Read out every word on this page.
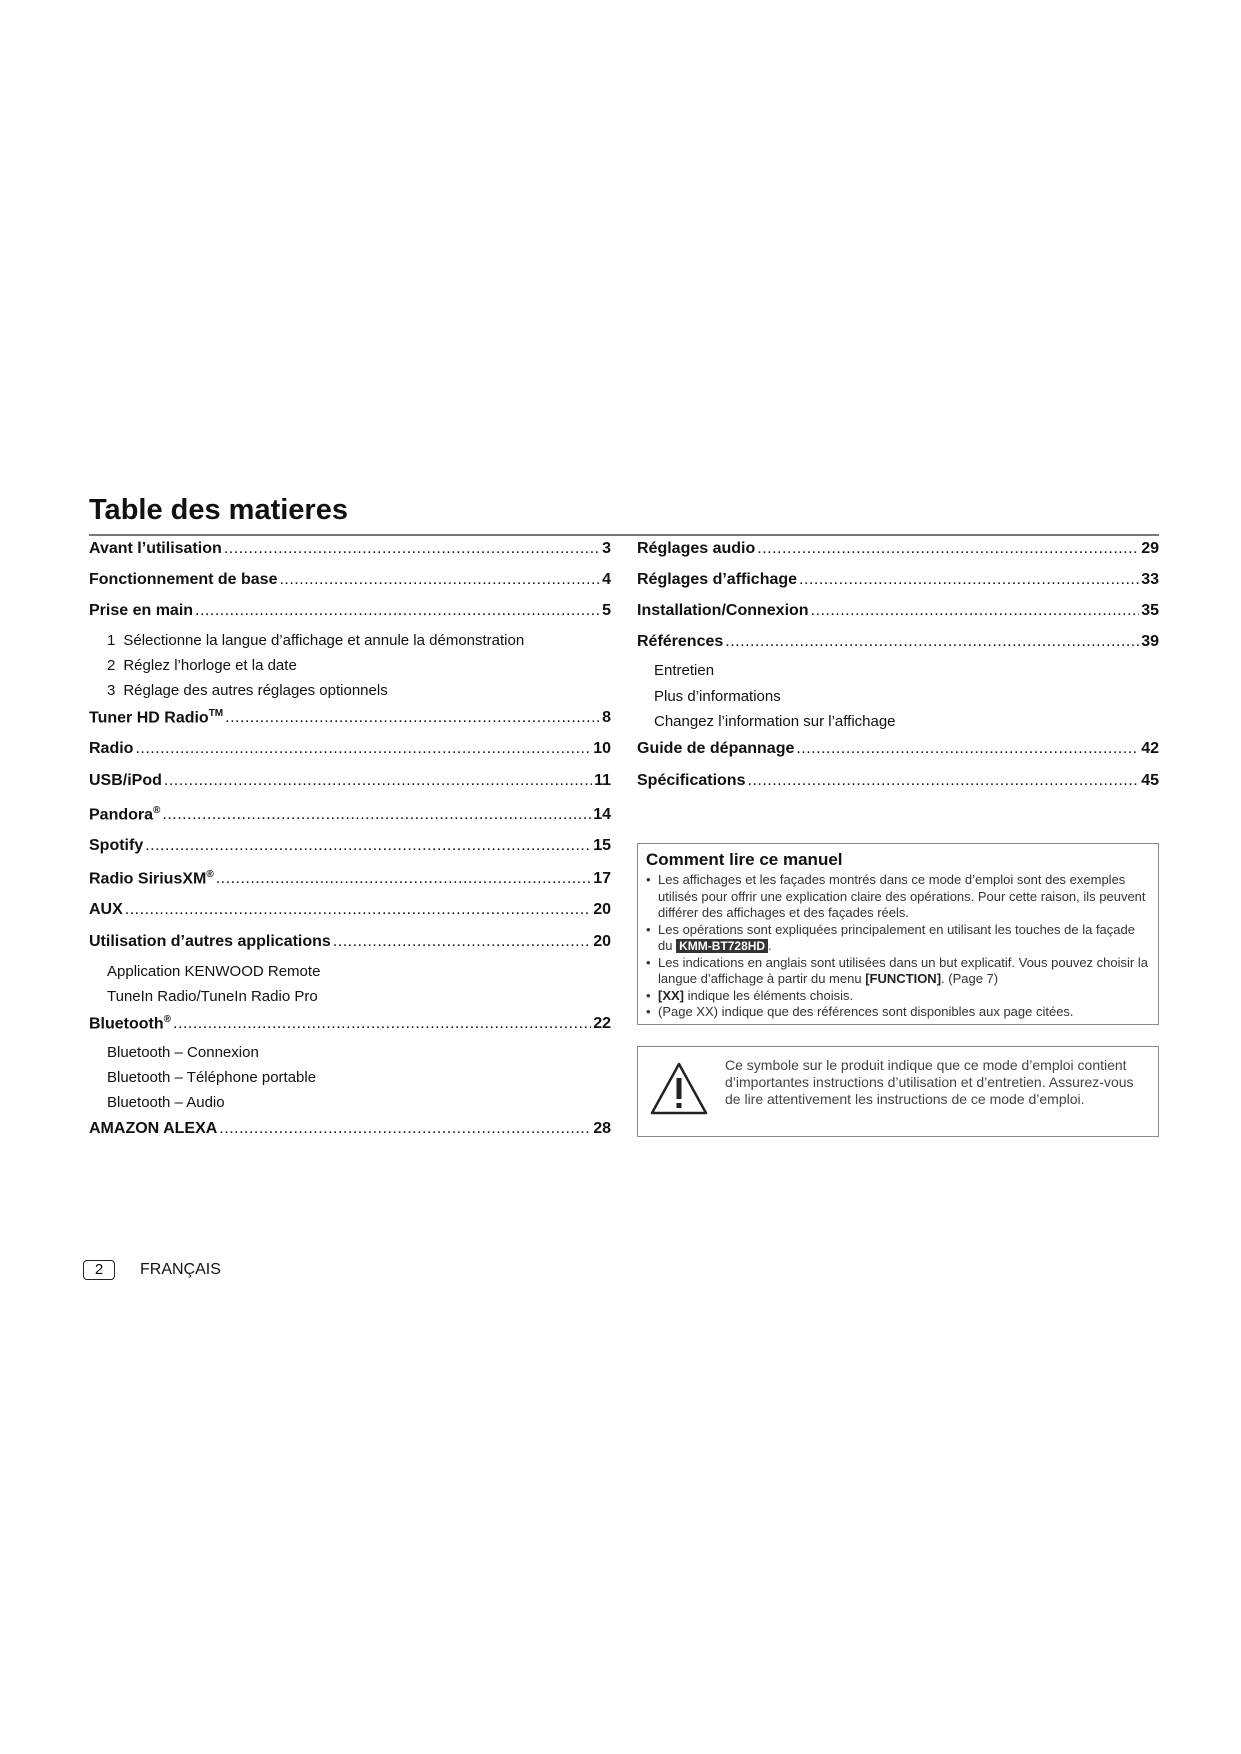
Table des matieres
Avant l’utilisation .....	3
Fonctionnement de base .....	4
Prise en main .....	5
1 Sélectionne la langue d’affichage et annule la démonstration
2 Réglez l’horloge et la date
3 Réglage des autres réglages optionnels
Tuner HD Radio™ .....	8
Radio .....	10
USB/iPod .....	11
Pandora® .....	14
Spotify .....	15
Radio SiriusXM® .....	17
AUX .....	20
Utilisation d’autres applications .....	20
Application KENWOOD Remote
TuneIn Radio/TuneIn Radio Pro
Bluetooth® .....	22
Bluetooth – Connexion
Bluetooth – Téléphone portable
Bluetooth – Audio
AMAZON ALEXA .....	28
Réglages audio .....	29
Réglages d’affichage .....	33
Installation/Connexion .....	35
Références .....	39
Entretien
Plus d’informations
Changez l’information sur l’affichage
Guide de dépannage .....	42
Spécifications .....	45
Comment lire ce manuel
• Les affichages et les façades montrés dans ce mode d’emploi sont des exemples utilisés pour offrir une explication claire des opérations. Pour cette raison, ils peuvent différer des affichages et des façades réels.
• Les opérations sont expliquées principalement en utilisant les touches de la façade du KMM-BT728HD .
• Les indications en anglais sont utilisées dans un but explicatif. Vous pouvez choisir la langue d’affichage à partir du menu [FUNCTION]. (Page 7)
• [XX] indique les éléments choisis.
• (Page XX) indique que des références sont disponibles aux page citées.
Ce symbole sur le produit indique que ce mode d’emploi contient d’importantes instructions d’utilisation et d’entretien. Assurez-vous de lire attentivement les instructions de ce mode d’emploi.
2	FRANÇAIS
